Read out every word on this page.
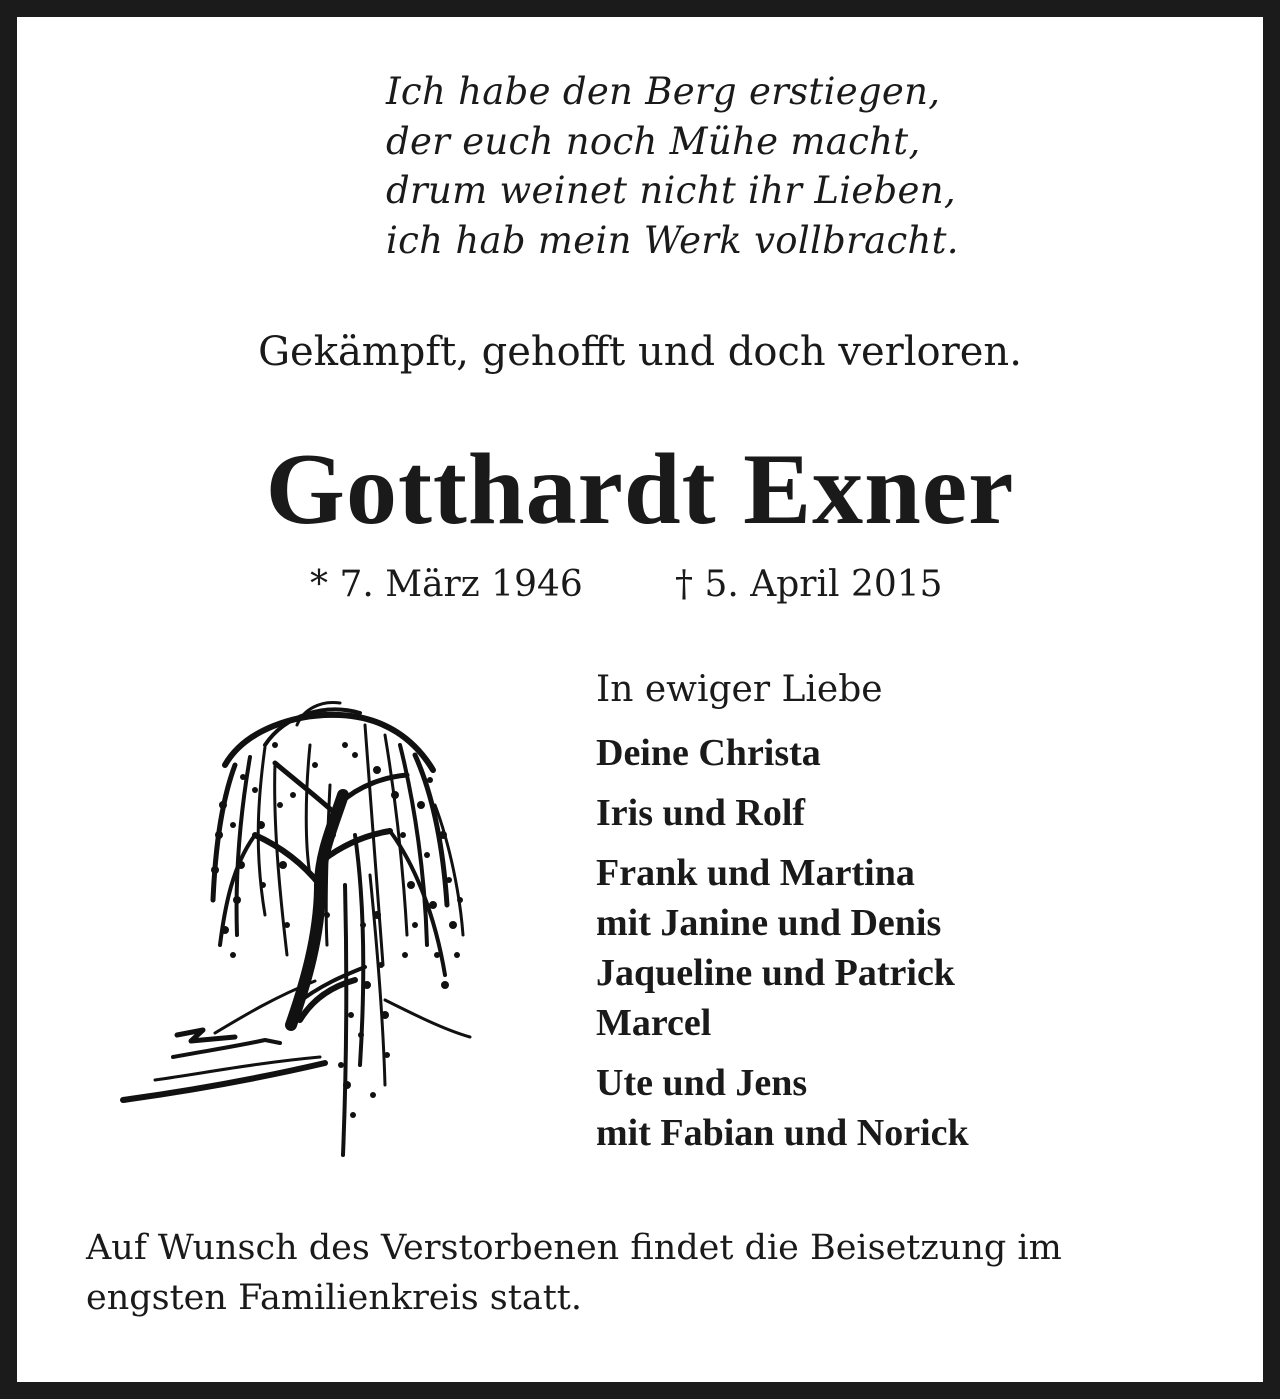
Ich habe den Berg erstiegen,
der euch noch Mühe macht,
drum weinet nicht ihr Lieben,
ich hab mein Werk vollbracht.
Gekämpft, gehofft und doch verloren.
Gotthardt Exner
* 7. März 1946	† 5. April 2015
In ewiger Liebe
Deine Christa
Iris und Rolf
Frank und Martina
mit Janine und Denis
Jaqueline und Patrick
Marcel
Ute und Jens
mit Fabian und Norick
Auf Wunsch des Verstorbenen findet die Beisetzung im
engsten Familienkreis statt.
